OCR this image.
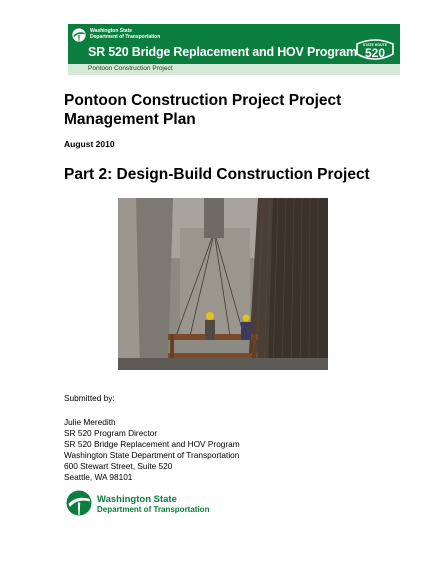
Washington State
Department of Transportation
SR 520 Bridge Replacement and HOV Program
Pontoon Construction Project
STATE ROUTE
520
Pontoon Construction Project Project Management Plan
August 2010
Part 2: Design-Build Construction Project
Submitted by:
Julie Meredith
SR 520 Program Director
SR 520 Bridge Replacement and HOV Program
Washington State Department of Transportation
600 Stewart Street, Suite 520
Seattle, WA 98101
Washington State
Department of Transportation
